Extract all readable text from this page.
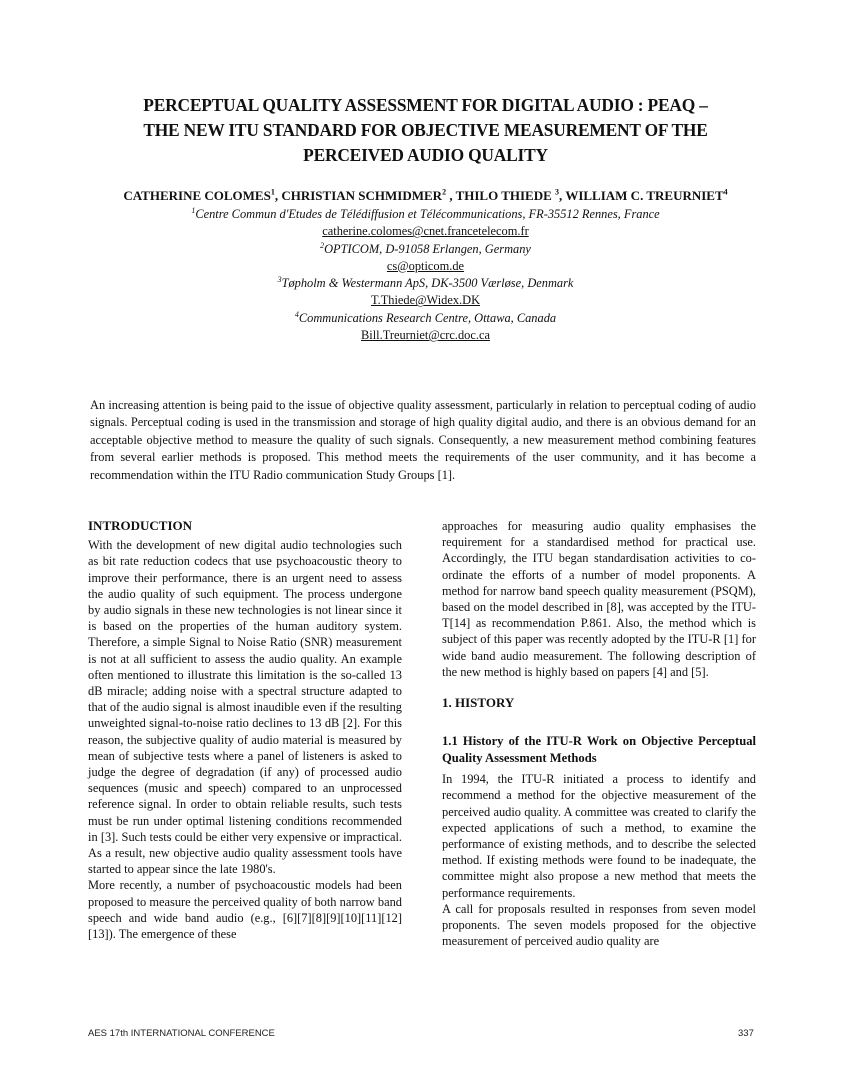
PERCEPTUAL QUALITY ASSESSMENT FOR DIGITAL AUDIO : PEAQ –
THE NEW ITU STANDARD FOR OBJECTIVE MEASUREMENT OF THE
PERCEIVED AUDIO QUALITY
CATHERINE COLOMES$^1$, CHRISTIAN SCHMIDMER$^2$ , THILO THIEDE $^3$, WILLIAM C. TREURNIET$^4$
$^1$Centre Commun d'Etudes de Télédiffusion et Télécommunications, FR-35512 Rennes, France
catherine.colomes@cnet.francetelecom.fr
$^2$OPTICOM, D-91058 Erlangen, Germany
cs@opticom.de
$^3$Tøpholm & Westermann ApS, DK-3500 Værløse, Denmark
T.Thiede@Widex.DK
$^4$Communications Research Centre, Ottawa, Canada
Bill.Treurniet@crc.doc.ca

An increasing attention is being paid to the issue of objective quality assessment, particularly in relation to perceptual coding of audio signals. Perceptual coding is used in the transmission and storage of high quality digital audio, and there is an obvious demand for an acceptable objective method to measure the quality of such signals. Consequently, a new measurement method combining features from several earlier methods is proposed. This method meets the requirements of the user community, and it has become a recommendation within the ITU Radio communication Study Groups [1].

INTRODUCTION

With the development of new digital audio technologies such as bit rate reduction codecs that use psychoacoustic theory to improve their performance, there is an urgent need to assess the audio quality of such equipment. The process undergone by audio signals in these new technologies is not linear since it is based on the properties of the human auditory system. Therefore, a simple Signal to Noise Ratio (SNR) measurement is not at all sufficient to assess the audio quality. An example often mentioned to illustrate this limitation is the so-called 13 dB miracle; adding noise with a spectral structure adapted to that of the audio signal is almost inaudible even if the resulting unweighted signal-to-noise ratio declines to 13 dB [2]. For this reason, the subjective quality of audio material is measured by mean of subjective tests where a panel of listeners is asked to judge the degree of degradation (if any) of processed audio sequences (music and speech) compared to an unprocessed reference signal. In order to obtain reliable results, such tests must be run under optimal listening conditions recommended in [3]. Such tests could be either very expensive or impractical. As a result, new objective audio quality assessment tools have started to appear since the late 1980's.

More recently, a number of psychoacoustic models had been proposed to measure the perceived quality of both narrow band speech and wide band audio (e.g., [6][7][8][9][10][11][12][13]). The emergence of these

approaches for measuring audio quality emphasises the requirement for a standardised method for practical use. Accordingly, the ITU began standardisation activities to co-ordinate the efforts of a number of model proponents. A method for narrow band speech quality measurement (PSQM), based on the model described in [8], was accepted by the ITU-T[14] as recommendation P.861. Also, the method which is subject of this paper was recently adopted by the ITU-R [1] for wide band audio measurement. The following description of the new method is highly based on papers [4] and [5].

1. HISTORY
1.1 History of the ITU-R Work on Objective Perceptual Quality Assessment Methods

In 1994, the ITU-R initiated a process to identify and recommend a method for the objective measurement of the perceived audio quality. A committee was created to clarify the expected applications of such a method, to examine the performance of existing methods, and to describe the selected method. If existing methods were found to be inadequate, the committee might also propose a new method that meets the performance requirements.

A call for proposals resulted in responses from seven model proponents. The seven models proposed for the objective measurement of perceived audio quality are

AES 17th INTERNATIONAL CONFERENCE	337
